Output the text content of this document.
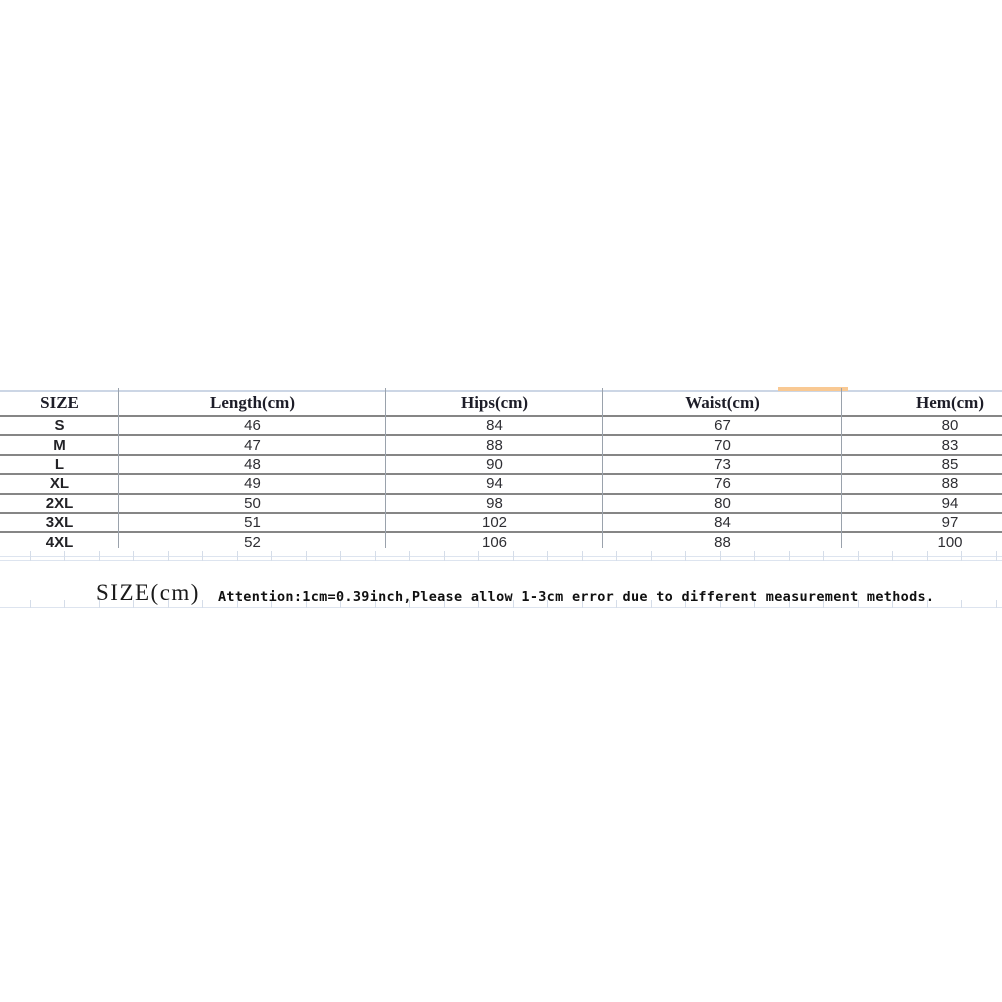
SIZE	Length(cm)	Hips(cm)	Waist(cm)	Hem(cm)
S	46	84	67	80
M	47	88	70	83
L	48	90	73	85
XL	49	94	76	88
2XL	50	98	80	94
3XL	51	102	84	97
4XL	52	106	88	100
SIZE(cm) Attention:1cm=0.39inch,Please allow 1-3cm error due to different measurement methods.
